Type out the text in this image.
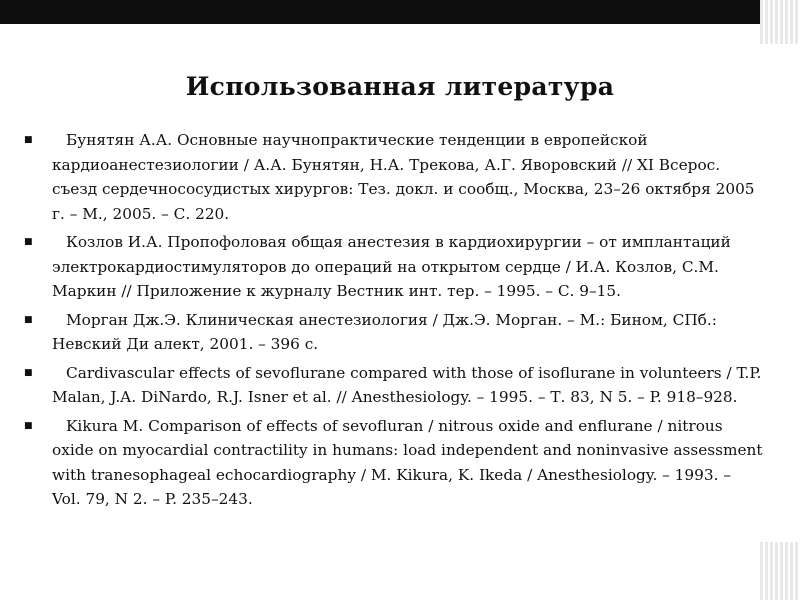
Использованная литература
■	Бунятян А.А. Основные научнопрактические тенденции в европейской кардиоанестезиологии / А.А. Бунятян, Н.А. Трекова, А.Г. Яворовский // XI Всерос. съезд сердечнососудистых хирургов: Тез. докл. и сообщ., Москва, 23–26 октября 2005 г. – М., 2005. – С. 220.
■	Козлов И.А. Пропофоловая общая анестезия в кардиохирургии – от имплантаций электрокардиостимуляторов до операций на открытом сердце / И.А. Козлов, С.М. Маркин // Приложение к журналу Вестник инт. тер. – 1995. – С. 9–15.
■	Морган Дж.Э. Клиническая анестезиология / Дж.Э. Морган. – М.: Бином, СПб.: Невский Ди алект, 2001. – 396 с.
■	Cardivascular effects of sevoflurane compared with those of isoflurane in volunteers / T.P. Malan, J.A. DiNardo, R.J. Isner et al. // Anesthesiology. – 1995. – Т. 83, N 5. – P. 918–928.
■	Kikura M. Comparison of effects of sevofluran / nitrous oxide and enflurane / nitrous oxide on myocardial contractility in humans: load independent and noninvasive assessment with tranesophageal echocardiography / M. Kikura, K. Ikeda / Anesthesiology. – 1993. – Vol. 79, N 2. – P. 235–243.
